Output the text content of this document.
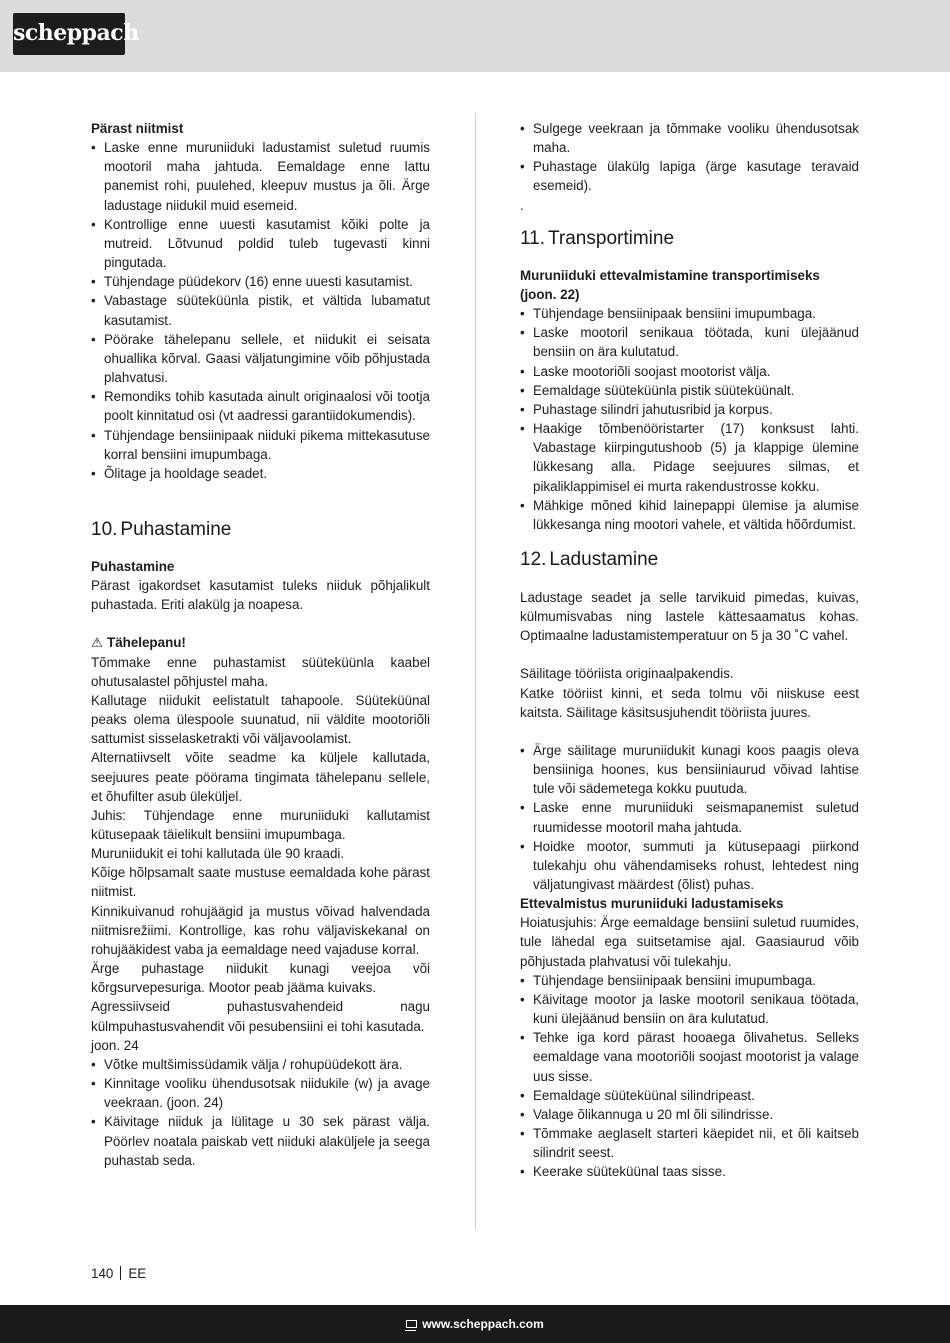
scheppach

Pärast niitmist

• Laske enne muruniiduki ladustamist suletud ruumis mootoril maha jahtuda. Eemaldage enne lattu panemist rohi, puulehed, kleepuv mustus ja õli. Ärge ladustage niidukil muid esemeid.
• Kontrollige enne uuesti kasutamist kõiki polte ja mutreid. Lõtvunud poldid tuleb tugevasti kinni pingutada.
• Tühjendage püüdekorv (16) enne uuesti kasutamist.
• Vabastage süüteküünla pistik, et vältida lubamatut kasutamist.
• Pöörake tähelepanu sellele, et niidukit ei seisata ohuallika kõrval. Gaasi väljatungimine võib põhjustada plahvatusi.
• Remondiks tohib kasutada ainult originaalosi või tootja poolt kinnitatud osi (vt aadressi garantiidokumendis).
• Tühjendage bensiinipaak niiduki pikema mittekasutuse korral bensiini imupumbaga.
• Õlitage ja hooldage seadet.
10. Puhastamine

Puhastamine

Pärast igakordset kasutamist tuleks niiduk põhjalikult puhastada. Eriti alakülg ja noapesa.

⚠ Tähelepanu!

Tõmmake enne puhastamist süüteküünla kaabel ohutusalastel põhjustel maha.

Kallutage niidukit eelistatult tahapoole. Süüteküünal peaks olema ülespoole suunatud, nii väldite mootoriõli sattumist sisselasketrakti või väljavoolamist.

Alternatiivselt võite seadme ka küljele kallutada, seejuures peate pöörama tingimata tähelepanu sellele, et õhufilter asub üleküljel.

Juhis: Tühjendage enne muruniiduki kallutamist kütusepaak täielikult bensiini imupumbaga.

Muruniidukit ei tohi kallutada üle 90 kraadi.

Kõige hõlpsamalt saate mustuse eemaldada kohe pärast niitmist.

Kinnikuivanud rohujäägid ja mustus võivad halvendada niitmisrežiimi. Kontrollige, kas rohu väljaviskekanal on rohujääkidest vaba ja eemaldage need vajaduse korral.

Ärge puhastage niidukit kunagi veejoa või kõrgsurvepesuriga. Mootor peab jääma kuivaks.

Agressiivseid puhastusvahendeid nagu külmpuhastusvahendit või pesubensiini ei tohi kasutada.

joon. 24

• Võtke multšimissüdamik välja / rohupüüdekott ära.
• Kinnitage vooliku ühendusotsak niidukile (w) ja avage veekraan. (joon. 24)
• Käivitage niiduk ja lülitage u 30 sek pärast välja. Pöörlev noatala paiskab vett niiduki alaküljele ja seega puhastab seda.
• Sulgege veekraan ja tõmmake vooliku ühendusotsak maha.
• Puhastage ülakülg lapiga (ärge kasutage teravaid esemeid).

.

11. Transportimine

Muruniiduki ettevalmistamine transportimiseks (joon. 22)

• Tühjendage bensiinipaak bensiini imupumbaga.
• Laske mootoril senikaua töötada, kuni ülejäänud bensiin on ära kulutatud.
• Laske mootoriõli soojast mootorist välja.
• Eemaldage süüteküünla pistik süüteküünalt.
• Puhastage silindri jahutusribid ja korpus.
• Haakige tõmbenööristarter (17) konksust lahti. Vabastage kiirpingutushoob (5) ja klappige ülemine lükkesang alla. Pidage seejuures silmas, et pikaliklappimisel ei murta rakendustrosse kokku.
• Mähkige mõned kihid lainepappi ülemise ja alumise lükkesanga ning mootori vahele, et vältida hõõrdumist.
12. Ladustamine

Ladustage seadet ja selle tarvikuid pimedas, kuivas, külmumisvabas ning lastele kättesaamatus kohas. Optimaalne ladustamistemperatuur on 5 ja 30 ˚C vahel.

Säilitage tööriista originaalpakendis.

Katke tööriist kinni, et seda tolmu või niiskuse eest kaitsta. Säilitage käsitsusjuhendit tööriista juures.

• Ärge säilitage muruniidukit kunagi koos paagis oleva bensiiniga hoones, kus bensiiniaurud võivad lahtise tule või sädemetega kokku puutuda.
• Laske enne muruniiduki seismapanemist suletud ruumidesse mootoril maha jahtuda.
• Hoidke mootor, summuti ja kütusepaagi piirkond tulekahju ohu vähendamiseks rohust, lehtedest ning väljatungivast määrdest (õlist) puhas.

Ettevalmistus muruniiduki ladustamiseks

Hoiatusjuhis: Ärge eemaldage bensiini suletud ruumides, tule lähedal ega suitsetamise ajal. Gaasiaurud võib põhjustada plahvatusi või tulekahju.

• Tühjendage bensiinipaak bensiini imupumbaga.
• Käivitage mootor ja laske mootoril senikaua töötada, kuni ülejäänud bensiin on ära kulutatud.
• Tehke iga kord pärast hooaega õlivahetus. Selleks eemaldage vana mootoriõli soojast mootorist ja valage uus sisse.
• Eemaldage süüteküünal silindripeast.
• Valage õlikannuga u 20 ml õli silindrisse.
• Tõmmake aeglaselt starteri käepidet nii, et õli kaitseb silindrit seest.
• Keerake süüteküünal taas sisse.
140 EE
www.scheppach.com
